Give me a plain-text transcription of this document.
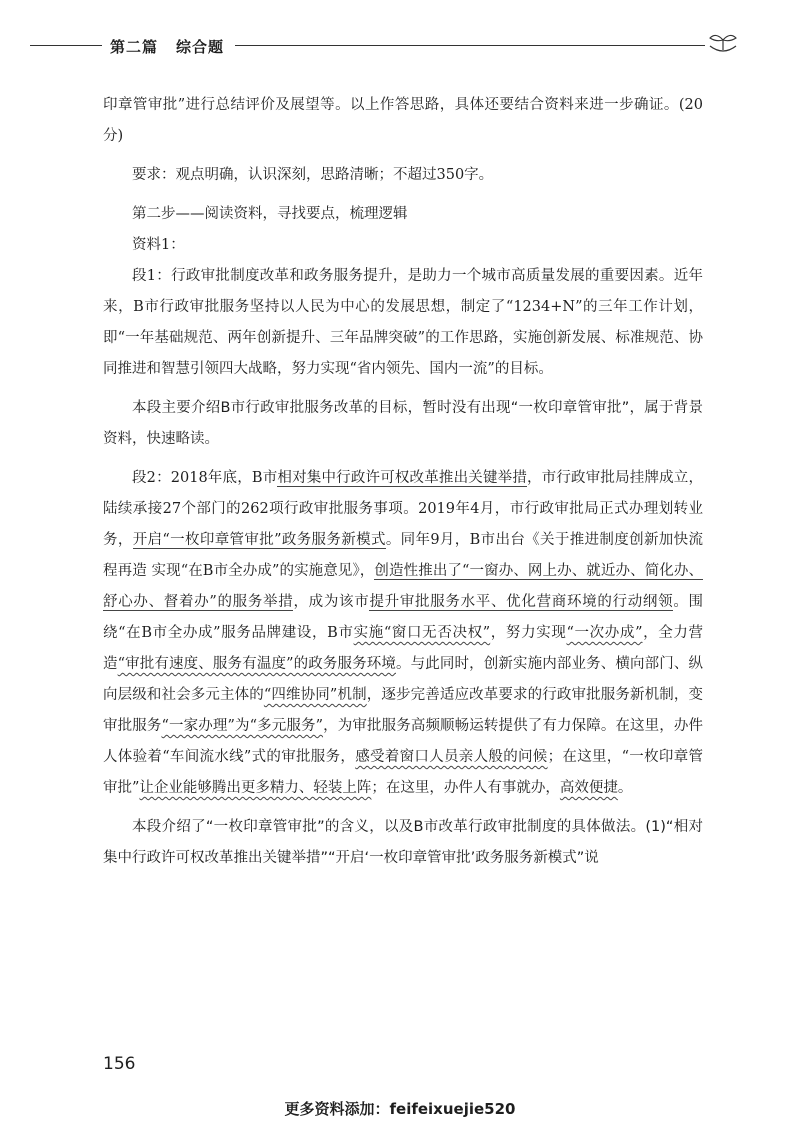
第二篇 综合题

印章管审批”进行总结评价及展望等。以上作答思路，具体还要结合资料来进一步确证。(20分)

要求：观点明确，认识深刻，思路清晰；不超过350字。

第二步——阅读资料，寻找要点，梳理逻辑

资料1：

段1：行政审批制度改革和政务服务提升，是助力一个城市高质量发展的重要因素。近年来，B市行政审批服务坚持以人民为中心的发展思想，制定了“1234+N”的三年工作计划，即“一年基础规范、两年创新提升、三年品牌突破”的工作思路，实施创新发展、标准规范、协同推进和智慧引领四大战略，努力实现“省内领先、国内一流”的目标。

本段主要介绍B市行政审批服务改革的目标，暂时没有出现“一枚印章管审批”，属于背景资料，快速略读。

段2：2018年底，B市相对集中行政许可权改革推出关键举措，市行政审批局挂牌成立，陆续承接27个部门的262项行政审批服务事项。2019年4月，市行政审批局正式办理划转业务，开启“一枚印章管审批”政务服务新模式。同年9月，B市出台《关于推进制度创新加快流程再造 实现“在B市全办成”的实施意见》，创造性推出了“一窗办、网上办、就近办、简化办、舒心办、督着办”的服务举措，成为该市提升审批服务水平、优化营商环境的行动纲领。围绕“在B市全办成”服务品牌建设，B市实施“窗口无否决权”，努力实现“一次办成”，全力营造“审批有速度、服务有温度”的政务服务环境。与此同时，创新实施内部业务、横向部门、纵向层级和社会多元主体的“四维协同”机制，逐步完善适应改革要求的行政审批服务新机制，变审批服务“一家办理”为“多元服务”，为审批服务高频顺畅运转提供了有力保障。在这里，办件人体验着“车间流水线”式的审批服务，感受着窗口人员亲人般的问候；在这里，“一枚印章管审批”让企业能够腾出更多精力、轻装上阵；在这里，办件人有事就办，高效便捷。

本段介绍了“一枚印章管审批”的含义，以及B市改革行政审批制度的具体做法。(1)“相对集中行政许可权改革推出关键举措”“开启‘一枚印章管审批’政务服务新模式”说

156
更多资料添加：feifeixuejie520
